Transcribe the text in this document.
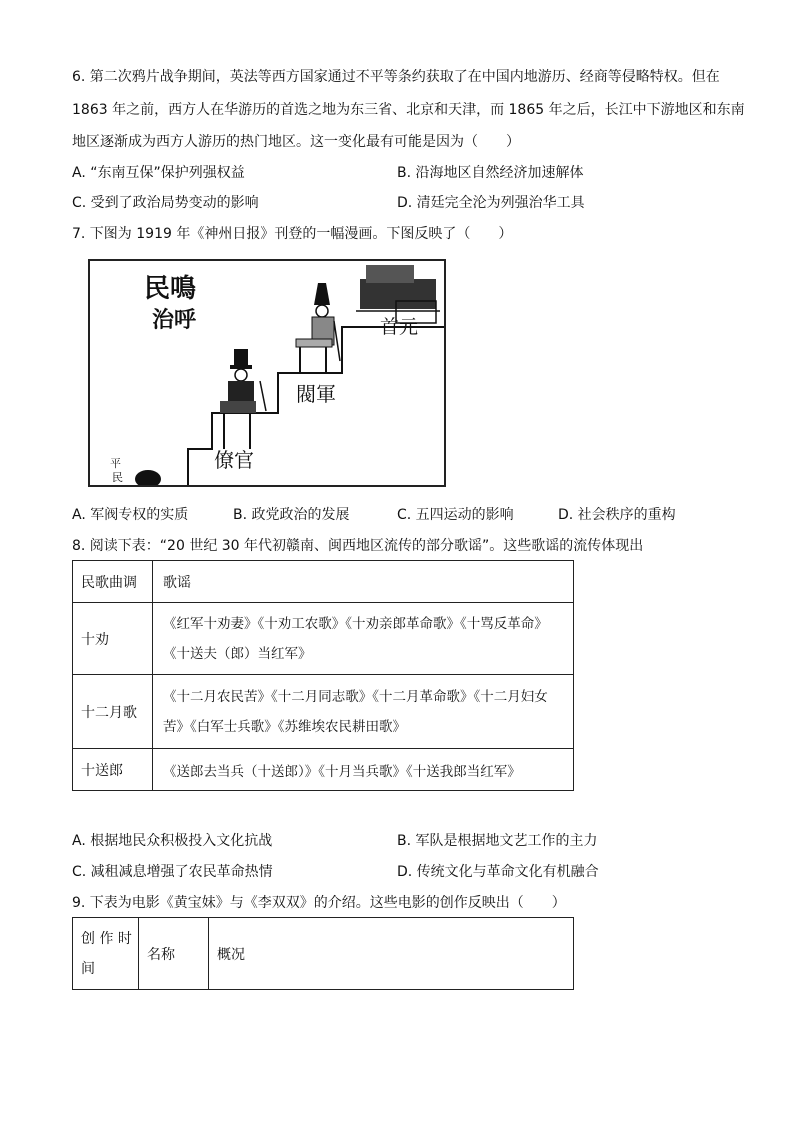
6. 第二次鸦片战争期间，英法等西方国家通过不平等条约获取了在中国内地游历、经商等侵略特权。但在
1863 年之前，西方人在华游历的首选之地为东三省、北京和天津，而 1865 年之后，长江中下游地区和东南
地区逐渐成为西方人游历的热门地区。这一变化最有可能是因为（　　）
A. “东南互保”保护列强权益	B. 沿海地区自然经济加速解体
C. 受到了政治局势变动的影响	D. 清廷完全沦为列强治华工具
7. 下图为 1919 年《神州日报》刊登的一幅漫画。下图反映了（　　）
民鳴
治呼	首元
閥軍
僚官
平
民
A. 军阀专权的实质	B. 政党政治的发展	C. 五四运动的影响	D. 社会秩序的重构
8. 阅读下表：“20 世纪 30 年代初赣南、闽西地区流传的部分歌谣”。这些歌谣的流传体现出
民歌曲调	歌谣
十劝	《红军十劝妻》《十劝工农歌》《十劝亲郎革命歌》《十骂反革命》
《十送夫（郎）当红军》

十二月歌	《十二月农民苦》《十二月同志歌》《十二月革命歌》《十二月妇女
苦》《白军士兵歌》《苏维埃农民耕田歌》

十送郎	《送郎去当兵（十送郎）》《十月当兵歌》《十送我郎当红军》
A. 根据地民众积极投入文化抗战	B. 军队是根据地文艺工作的主力
C. 减租减息增强了农民革命热情	D. 传统文化与革命文化有机融合
9. 下表为电影《黄宝妹》与《李双双》的介绍。这些电影的创作反映出（　　）
创 作 时
间
	名称	概况
